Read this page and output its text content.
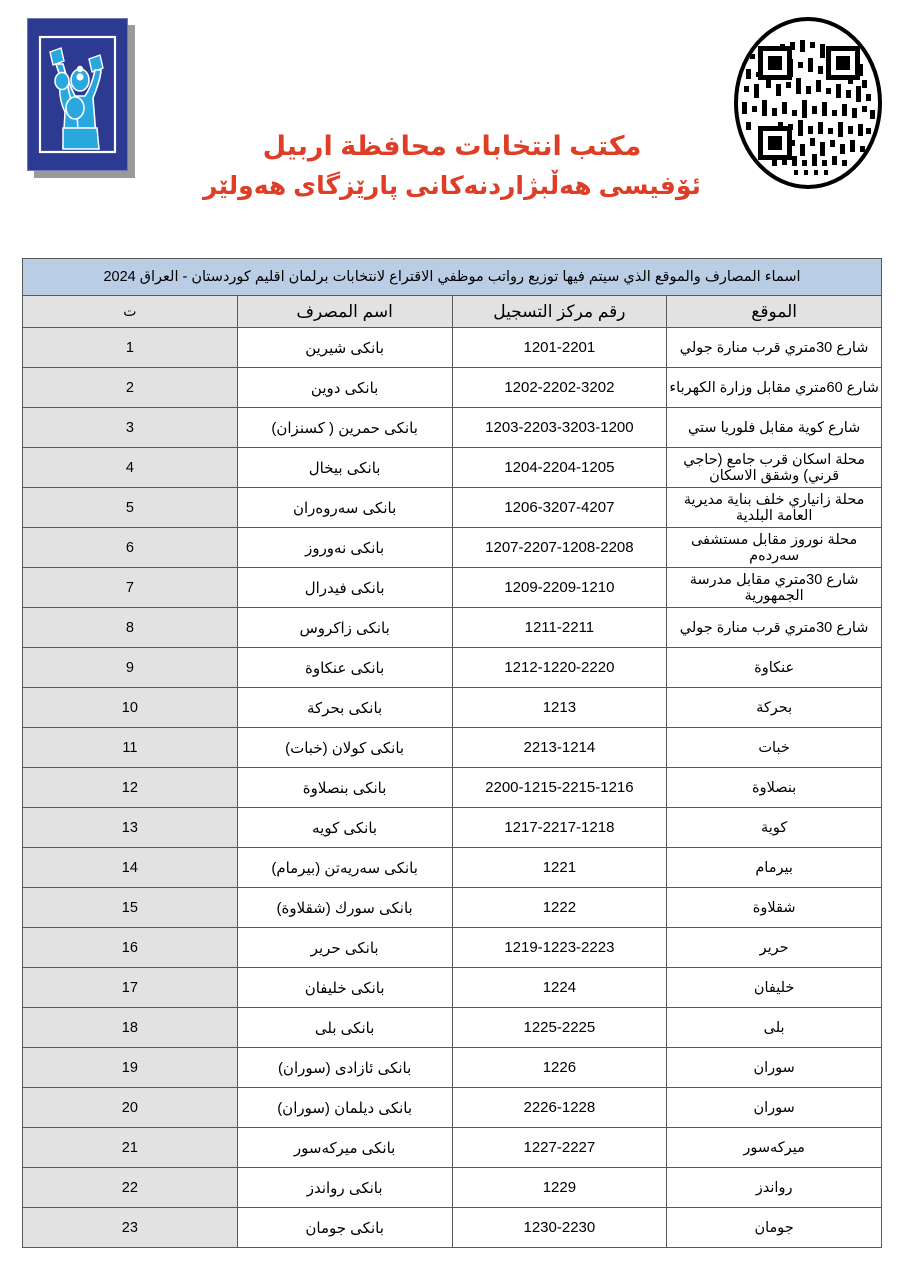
مكتب انتخابات محافظة اربيل
ئۆفیسی هەڵبژاردنەکانی پارێزگای هەولێر
اسماء المصارف والموقع الذي سيتم فيها توزيع رواتب موظفي الاقتراع لانتخابات برلمان اقليم كوردستان - العراق 2024			
الموقع	رقم مركز التسجيل	اسم المصرف	ت
شارع 30متري قرب منارة جولي	1201-2201	بانكی شیرین	1
شارع 60متري مقابل وزارة الكهرباء	1202-2202-3202	بانكی دوین	2
شارع كوية مقابل فلوريا ستي	1203-2203-3203-1200	بانكی حمرين ( كسنزان)	3
محلة اسكان قرب جامع (حاجي قرني) وشقق الاسكان	1204-2204-1205	بانكی بیخال	4
محلة زانياري خلف بناية مديرية العامة البلدية	1206-3207-4207	بانكی سەروەران	5
محلة نوروز مقابل مستشفى سەردەم	1207-2207-1208-2208	بانكی نەوروز	6
شارع 30متري مقابل مدرسة الجمهورية	1209-2209-1210	بانكی فیدرال	7
شارع 30متري قرب منارة جولي	1211-2211	بانكی زاكروس	8
عنكاوة	1212-1220-2220	بانكی عنكاوة	9
بحركة	1213	بانكی بحركة	10
خبات	2213-1214	بانكی كولان (خبات)	11
بنصلاوة	2200-1215-2215-1216	بانكی بنصلاوة	12
كوية	1217-2217-1218	بانكی كویە	13
بيرمام	1221	بانكی سەریەتن (بیرمام)	14
شقلاوة	1222	بانكی سورك (شقلاوة)	15
حرير	1219-1223-2223	بانكی حریر	16
خليفان	1224	بانكی خلیفان	17
بلی	1225-2225	بانكی بلی	18
سوران	1226	بانكی ئازادی (سوران)	19
سوران	2226-1228	بانكی دیلمان (سوران)	20
میركەسور	1227-2227	بانكی میركەسور	21
رواندز	1229	بانكی رواندز	22
جومان	1230-2230	بانكی جومان	23
